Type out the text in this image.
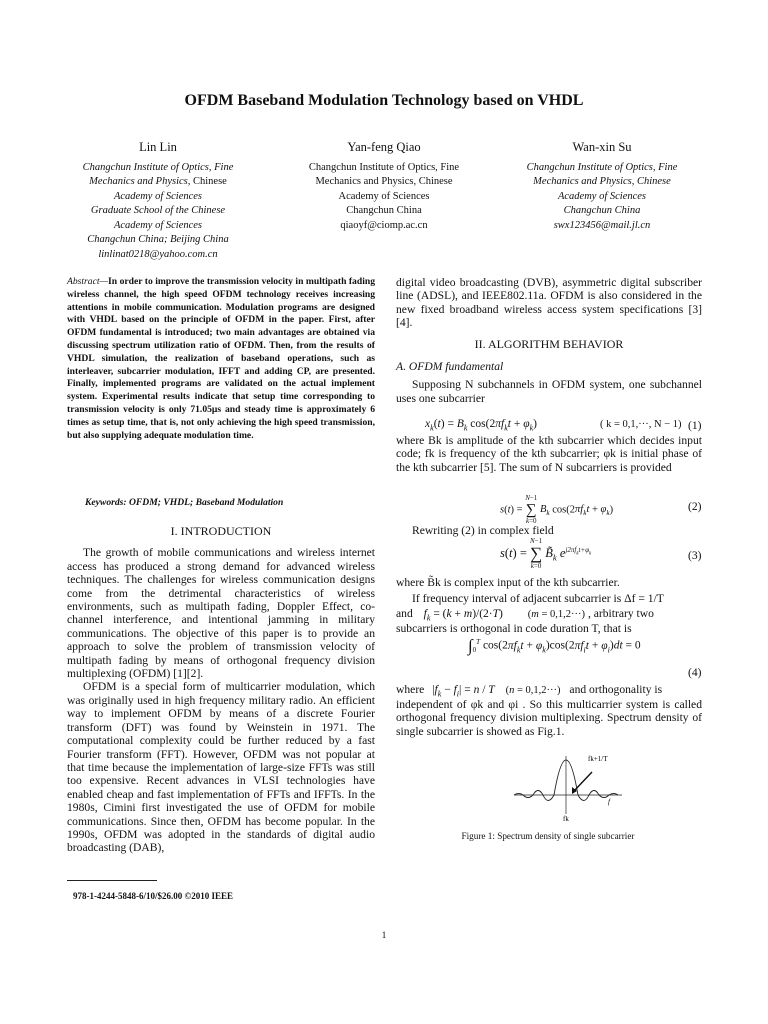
OFDM Baseband Modulation Technology based on VHDL
Lin Lin
Changchun Institute of Optics, Fine
Mechanics and Physics, Chinese
Academy of Sciences
Graduate School of the Chinese
Academy of Sciences
Changchun China; Beijing China
linlinat0218@yahoo.com.cn
Yan-feng Qiao
Changchun Institute of Optics, Fine
Mechanics and Physics, Chinese
Academy of Sciences
Changchun China
qiaoyf@ciomp.ac.cn
Wan-xin Su
Changchun Institute of Optics, Fine
Mechanics and Physics, Chinese
Academy of Sciences
Changchun China
swx123456@mail.jl.cn
Abstract—In order to improve the transmission velocity in multipath fading wireless channel, the high speed OFDM technology receives increasing attentions in mobile communication. Modulation programs are designed with VHDL based on the principle of OFDM in the paper. First, after OFDM fundamental is introduced; two main advantages are obtained via discussing spectrum utilization ratio of OFDM. Then, from the results of VHDL simulation, the realization of baseband operations, such as interleaver, subcarrier modulation, IFFT and adding CP, are presented. Finally, implemented programs are validated on the actual implement system. Experimental results indicate that setup time corresponding to transmission velocity is only 71.05μs and steady time is approximately 6 times as setup time, that is, not only achieving the high speed transmission, but also supplying adequate modulation time.
Keywords: OFDM; VHDL; Baseband Modulation
I. INTRODUCTION

The growth of mobile communications and wireless internet access has produced a strong demand for advanced wireless techniques. The challenges for wireless communication designs come from the detrimental characteristics of wireless environments, such as multipath fading, Doppler Effect, co-channel interference, and intentional jamming in military communications. The objective of this paper is to provide an approach to solve the problem of transmission velocity of multipath fading by means of orthogonal frequency division multiplexing (OFDM) [1][2].

OFDM is a special form of multicarrier modulation, which was originally used in high frequency military radio. An efficient way to implement OFDM by means of a discrete Fourier transform (DFT) was found by Weinstein in 1971. The computational complexity could be further reduced by a fast Fourier transform (FFT). However, OFDM was not popular at that time because the implementation of large-size FFTs was still too expensive. Recent advances in VLSI technologies have enabled cheap and fast implementation of FFTs and IFFTs. In the 1980s, Cimini first investigated the use of OFDM for mobile communications. Since then, OFDM has become popular. In the 1990s, OFDM was adopted in the standards of digital audio broadcasting (DAB),

978-1-4244-5848-6/10/$26.00 ©2010 IEEE

digital video broadcasting (DVB), asymmetric digital subscriber line (ADSL), and IEEE802.11a. OFDM is also considered in the new fixed broadband wireless access system specifications [3] [4].

II. ALGORITHM BEHAVIOR
A. OFDM fundamental

Supposing N subchannels in OFDM system, one subchannel uses one subcarrier

$x_k(t) = B_k$ $\cos(2\pi f_kt + \varphi_k)$	( k = 0,1,···, N − 1) (1)

where Bk is amplitude of the kth subcarrier which decides input code; fk is frequency of the kth subcarrier; φk is initial phase of the kth subcarrier [5]. The sum of N subcarriers is provided

s(t) =
N−1
∑
k=0
$B_k$ $\cos(2\pi f_kt + \varphi_k)$	(2)
Rewriting (2) in complex field
s(t) =
N−1
∑
k=0
$B̃_k$ $e^{j2\pi f_kt+\varphi_k}$	(3)
where B̃k is complex input of the kth subcarrier.
If frequency interval of adjacent subcarrier is Δf = 1/T
and $f_k = (k + m)/(2\cdot T) (m = 0,1,2\cdot\cdot\cdot)$ , arbitrary two
subcarriers is orthogonal in code duration T, that is
$\int_0^T$ $\cos(2\pi f_kt + \varphi_k)\cos(2\pi f_it + \varphi_i)dt = 0$
(4)
where $|f_k - f_i| = n / T$ (n = 0,1,2···) and orthogonality is
independent of φk and φi . So this multicarrier system is called orthogonal frequency division multiplexing. Spectrum density of single subcarrier is showed as Fig.1.
fk+1/T
f
fk
Figure 1: Spectrum density of single subcarrier
1
